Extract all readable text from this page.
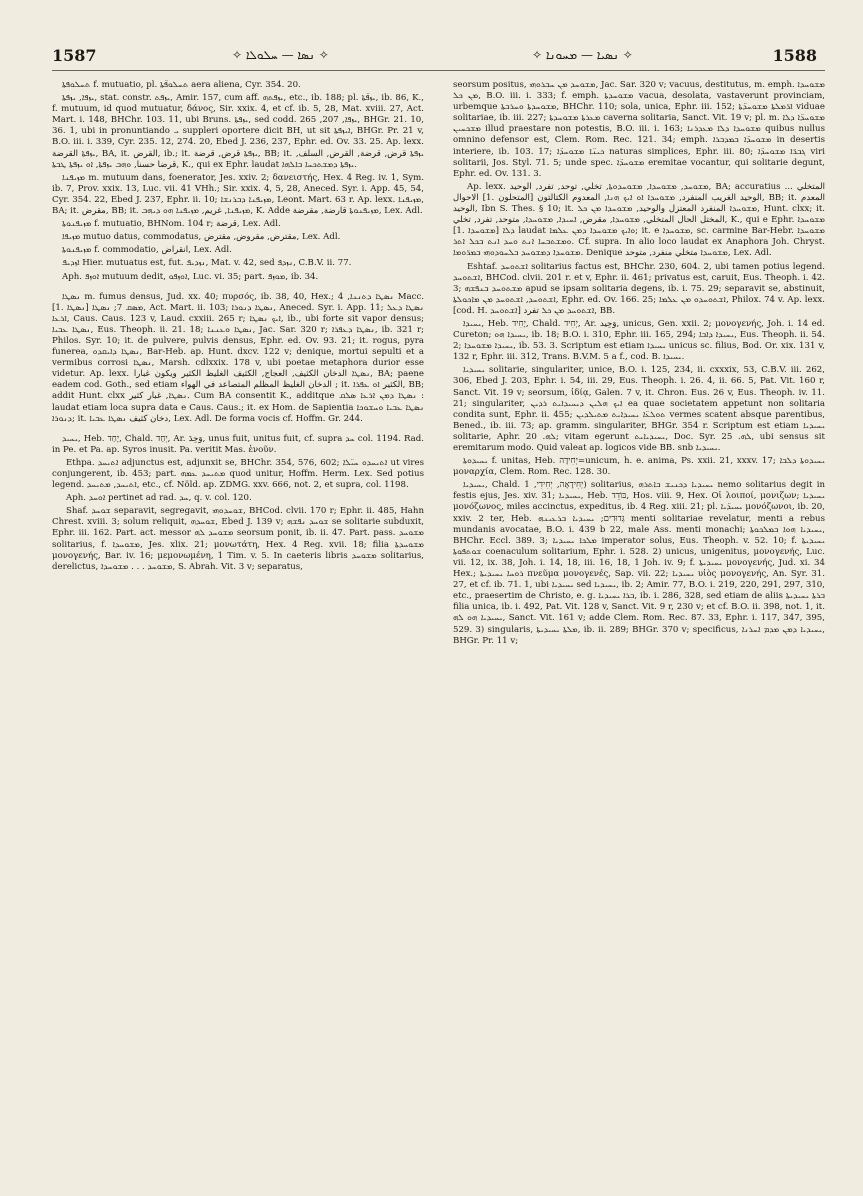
1587	✧ ܢܣܐ — ܚܠܘܠܐ ✧	✧ ܢܣܝܐ — ܡܚܘܢܐ ✧	1588

ܬܚܠܘܦܬܐ f. mutuatio, pl. ܬܚܠܘܦ̈ܬܐ aera aliena, Cyr. 354. 20.

ܝܙܦܐ, ܝܙܦܬܐ, stat. constr. ܝܙܦܬ, Amir. 157, cum aff. ܝܙܦܬܗ, etc., ib. 188; pl. ܝܙܦ̈ܬܐ, ib. 86, K., f. mutuum, id quod mutuatur, δάνος, Sir. xxix. 4, et cf. ib. 5, 28, Mat. xviii. 27, Act. Mart. i. 148, BHChr. 103. 11, ubi Bruns. ܝܙܦܬܐ, sed codd. ܝܙܦܐ, 207, 265, BHGr. 21. 10, 36. 1, ubi in pronuntiando ܝ suppleri oportere dicit BH, ut sit ܐܝܙܦܬܐ, BHGr. Pr. 21 v, B.O. iii. i. 339, Cyr. 235. 12, 274. 20, Ebed J. 236, 237, Ephr. ed. Ov. 33. 25. Ap. lexx. ܝܙܦܬܐ القرضة, BA, it. القرض, ib.; it. ܝܙܦܬܐ قرض, قرضة, BB; it. ܝܙܦܬܐ قرض, قرضة, القرض, السلف, قرضا حسنا, ܘܗܒ ܝܙܦܬܐ, ܐܘ ܝܙܦܬܐ ܛܒܬܐ, K., qui ex Ephr. laudat ܝܙܦܬܐ ܕܡܫܬܟܚܐ ܒܐܠܗܐ.

ܡܙܝܦܢܐ m. mutuum dans, foenerator, Jes. xxiv. 2; δανειστής, Hex. 4 Reg. iv. 1, Sym. ib. 7, Prov. xxix. 13, Luc. vii. 41 VHh.; Sir. xxix. 4, 5, 28, Aneced. Syr. i. App. 45, 54, Cyr. 354. 22, Ebed J. 237, Ephr. ii. 10; ܡܙܝܦܢܐ ܕܒܪܢܫܐ, Leont. Mart. 63 r. Ap. lexx. ܡܙܝܦܢܐ, BA; it. مقرض, BB; it. ܡܙܝܦܢܐ, غريم, ܡܙܝܦܢܐ ܗܘ ܕܝܗܒ, K. Adde ܡܙܝܦܢܘܬܐ قارضة, مقرضة, Lex. Adl.

ܡܙܝܦܢܘܬܐ f. mutuatio, BHNom. 104 r; قرضة, Lex. Adl.

ܡܙܝܦܐ mutuo datus, commodatus, مقترض, مقروض, مقترض, Lex. Adl.

ܡܙܝܦܢܘܬܐ f. commodatio, انقراض, Lex. Adl.

ܐܙܕܝܦ Hier. mutuatus est, fut. ܢܙܕܝܦ, Mat. v. 42, sed ܢܙܕܦ, C.B.V. ii. 77.

Aph. ܐܘܙܦ mutuum dedit, ܐܘܙܦܘ, Luc. vi. 35; part. ܡܘܙܦ, ib. 34.

ܢܣܛܐ m. fumus densus, Jud. xx. 40; πυρσός, ib. 38, 40, Hex.; ܢܣܛܐ ܕܬܢܢܐ, 4 Macc. ܡܣܩ 7; ܢܣܛܐ [ܢܣܛܐ .1], Act. Mart. ii. 103; ܢܣܛܐ ܕܢܘܪܐ, Aneced. Syr. i. App. 11; ܢܣܛܐ ܕܥܠ ܐܪܥܐ, Caus. Caus. 123 v, Laud. cxxiii. 265 r; ܐܝܟ ܢܣܛܐ, ib., ubi forte sit vapor densus; ܢܣܛܐ ܥܒܝܐ, Eus. Theoph. ii. 21. 18; ܢܣܛܐ ܘܥܢܢܐ, Jac. Sar. 320 r; ܢܣܛܐ ܕܥܦܪܐ, ib. 321 r; Philos. Syr. 10; it. de pulvere, pulvis densus, Ephr. ed. Ov. 93. 21; it. rogus, pyra funerea, ܢܣܛܐ ܕܐܝܩܕܘ, Bar-Heb. ap. Hunt. dxcv. 122 v; denique, mortui sepulti et a vermibus corrosi ܢܣܛܐ, Marsh. cdlxxix. 178 v, ubi poetae metaphora durior esse videtur. Ap. lexx. ܢܣܛܐ الدخان الكثيف, العجاج, الكثيف الغليظ الكثير ويكون غبارا, BA; paene eadem cod. Goth., sed etiam الدخان الغليظ المظلم المتصاعد في الهواء ; it. الكثير ܐܘ ܥܦܪܐ, BB; addit Hunt. clxx ܢܣܛܐ, غبار كثير. Cum BA consentit K., additque ܢܣܛܐ ܕܡܢ ܐܪܥܐ ܣܠܩ : laudat etiam loca supra data e Caus. Caus.; it. ex Hom. de Sapientia ܢܣܛܐ ܥܒܝܐ ܘܚܫܘܟܐ ܕܢܘܪܐ; it. دخان كثيف ܢܣܛܐ ܥܒܝܐ, Lex. Adl. De forma vocis cf. Hoffm. Gr. 244.

ܝܚܝܕ, Heb. יָחַד, Chald. יְחַד, Ar. وَحِدَ, unus fuit, unitus fuit, cf. supra ܚܕ col. 1194. Rad. in Pe. et Pa. ap. Syros inusit. Pa. veritit Mas. ἑνοῦν.

Ethpa. ܐܬܝܚܕ adjunctus est, adjunxit se, BHChr. 354, 576, 602; ܐܬܝܚܕܘ ܚܝ̈ܠܐ ut vires conjungerent, ib. 453; part. ܡܬܝܚܕ ܥܡܗ quod unitur, Hoffm. Herm. Lex. Sed potius legend. ܐܬܝܚܕ, ܡܬܝܚܕ, etc., cf. Nöld. ap. ZDMG. xxv. 666, not. 2, et supra, col. 1198.

Aph. ܐܘܚܕ pertinet ad rad. ܚܕ, q. v. col. 120.

Shaf. ܫܘܚܕ separavit, segregavit, ܫܘܚܕܘܗܝ, BHCod. clvii. 170 r; Ephr. ii. 485, Hahn Chrest. xviii. 3; solum reliquit, ܫܘܚܕܗ, Ebed J. 139 v; ܫܘܚܕ ܢܦܫܗ se solitarie subduxit, Ephr. iii. 162. Part. act. messor ܡܫܘܚܕ ܠܗ seorsum ponit, ib. ii. 47. Part. pass. ܡܫܘܚܕ solitarius, f. ܡܫܘܚܕܐ, Jes. xlix. 21; μονωτάτη, Hex. 4 Reg. xvii. 18; filia ܡܫܘܚܕܬܐ μονογενής, Bar. iv. 16; μεμονωμένη, 1 Tim. v. 5. In caeteris libris ܡܫܘܚܕ solitarius, derelictus, ܡܫܘܚܕ . . . ܡܫܘܚܕܐ, S. Abrah. Vit. 3 v; separatus,

seorsum positus, ܡܫܘܚܕ ܡܢ ܚܒܪܘܗܝ, Jac. Sar. 320 v; vacuus, destitutus, m. emph. ܡܫܘܚܕܐ ܡܢ ܟܠ, B.O. iii. i. 333; f. emph. ܡܫܘܚܕܬܐ vacua, desolata, vastaverunt provinciam, urbemque ܡܫܘܚܕܬܐ ܘܚܪܒܬܐ, BHChr. 110; sola, unica, Ephr. iii. 152; ܐܪ̈ܡܠܬܐ ܡܫܘܚܕ̈ܬܐ viduae solitariae, ib. iii. 227; ܡܥܪܬܐ ܡܫܘܚܕܬܐ caverna solitaria, Sanct. Vit. 19 v; pl. m. ܡܫܘܚܕ̈ܐ ܕܠܐ ܡܫܟܚܝܢ illud praestare non potestis, B.O. iii. i. 163; ܡܫܘܚܕܐ ܕܠܐ ܡܥܕܪܢܐ quibus nullus omnino defensor est, Clem. Rom. Rec. 121. 34; emph. ܡܫܘܚܕ̈ܐ ܒܡܕܒܪܐ in desertis interiere, ib. 103. 17; ܟܝܢ̈ܐ ܡܫܘܚܕ̈ܐ naturas simplices, Ephr. iii. 80; ܓܒܪ̈ܐ ܡܫܘܚܕ̈ܐ viri solitarii, Jos. Styl. 71. 5; unde spec. ܡܫܘܚܕ̈ܐ eremitae vocantur, qui solitarie degunt, Ephr. ed. Ov. 131. 3.

Ap. lexx. ܡܫܘܚܕ, ܡܫܘܚܕܐ, ܡܫܘܚܕܘܬܐ, تخلي, توحد, تفرد, الوحيد, BA; accuratius المتخلي ... الوحيد الغريب المنفرد, ܡܫܘܚܕܐ ܐܘ ܐܝܟ ܗܢܐ, المعدوم الكتالتون [المتحلون .1] الاحوال, BB; it. المعدم الوحيد, Ibn S. Thes. § 10; it. ܡܫܘܚܕܐ المنفرد المعتزل والوحيد, ܡܫܘܚܕܐ ܡܢ ܟܠ, Hunt. clxx; it. المختل الحال المتخلي, ܡܫܘܚܕܐ, مقرض, ܐܚܝܕܐ, ܡܫܘܚܕܐ, متوحد, تفرد, تخلي, K., qui e Ephr. ܡܫܘܚܕܐ ܕܠܐ [ܡܫܘܚܕܐ .1] laudat ܘܐܝܟ ܡܫܘܚܕܐ ܕܡܢ ܥܠܡܐ; it. e ܡܫܘܚܕܐ, sc. carmine Bar-Hebr. ܡܫܘܚܕܐ ܘܡܫܬܒܚܐ ܐܢܬ ܘܚܕ ܐܢܬ ܒܟܠ ܐܬܪ. Cf. supra. In alio loco laudat ex Anaphora Joh. Chryst. ܡܫܘܚܕܐ ܕܡܫܘܚܕ ܒܠܚܘܕܘܗܝ ܒܡܪ̈ܘܡܐ. Denique ܡܫܘܚܕܐ متخلي منفرد, متوحد, Lex. Adl.

Eshtaf. ܐܫܬܘܚܕ solitarius factus est, BHChr. 230, 604. 2, ubi tamen potius legend. ܐܫܬܘܚܕ, BHCod. clvii. 201 r. et v, Ephr. ii. 461; privatus est, caruit, Eus. Theoph. i. 42. 3; ܡܫܬܘܚܕ ܒܢܦܫܗ apud se ipsam solitaria degens, ib. i. 75. 29; separavit se, abstinuit, ܐܫܬܘܚܕ, ܐܫܬܘܚܕ ܡܢ ܡܐܟܘܠܬܐ, Ephr. ed. Ov. 166. 25; ܐܫܬܘܚܕܘ ܡܢ ܥܠܡܐ, Philox. 74 v. Ap. lexx. [cod. H. ܐܫܬܘܚܕ] ܐܫܬܘܚܕ ܡܢ ܟܠ تفرد, BB.

ܝܚܝܕܐ, Heb. יָחִיד, Chald. יְחִיד, Ar. وَحِيد, unicus, Gen. xxii. 2; μονογενής, Joh. i. 14 ed. Cureton; ܝܚܝܕܐ ܗܘ, ib. 18; B.O. i. 310, Ephr. iii. 165, 294; ܝܚܝܕܐ ܕܐܒܐ, Eus. Theoph. ii. 54. 2; ܝܚܝܕܐ ܡܫܘܚܕܐ, ib. 53. 3. Scriptum est etiam ܝܚܝܕܐ unicus sc. filius, Bod. Or. xix. 131 v, 132 r, Ephr. iii. 312, Trans. B.V.M. 5 a f., cod. B. ܝܚܝܕܐ.

ܝܚܝܕܝܐ solitarie, singulariter, unice, B.O. i. 125, 234, ii. cxxxix, 53, C.B.V. iii. 262, 306, Ebed J. 203, Ephr. i. 54, iii. 29, Eus. Theoph. i. 26. 4, ii. 66. 5, Pat. Vit. 160 r, Sanct. Vit. 19 v; seorsum, ἰδίᾳ, Galen. 7 v, it. Chron. Eus. 26 v, Eus. Theoph. iv. 11. 21; singulariter, ܐܝܟ ܗܠܝܢ ܕܝܚܝܕܐܝܬ ܪܕܝܢ ea quae societatem appetunt non solitaria condita sunt, Ephr. ii. 455; ܬܘܠܥ̈ܐ ܝܚܝܕܐܝܬ ܡܬܝܠܕܝܢ vermes scatent absque parentibus, Bened., ib. iii. 73; ap. gramm. singulariter, BHGr. 354 r. Scriptum est etiam ܝܚܝܕܝܐ solitarie, Aphr. ܠܗ. 20; vitam egerunt ܝܚܝܕܝܐܝܬ, Doc. Syr. ܠܗ. 25, ubi sensus sit eremitarum modo. Quid valeat ap. logicos vide BB. snb ܝܚܝܕܝܐ.

ܝܚܝܕܘܬܐ f. unitas, Heb. יְחִידָה=unicum, h. e. anima, Ps. xxii. 21, xxxv. 17; ܝܚܝܕܘܬܐ ܕܠܒܐ μοναρχία, Clem. Rom. Rec. 128. 30.

ܝܚܝܕܝܐ, Chald. יְחִידָאָה, יְחִידִי, 1) solitarius, ܝܚܝܕܝܐ ܕܟܢܝܫ ܒܐܬܪܗ nemo solitarius degit in festis ejus, Jes. xiv. 31; ܝܚܝܕܝܐ, Heb. בּוֹדֵד, Hos. viii. 9, Hex. Οἱ λοιποί, μονιζων; ܝܚܝܕܝܐ μονόζωνος, miles accinctus, expeditus, ib. 4 Reg. xiii. 21; pl. ܝܚܝܕ̈ܝܐ μονόζωνοι, ib. 20, xxiv. 2 ter, Heb. גְּדוּדִים; ܝܚܝܕܝܐ ܒܪܥܝܢܗ menti solitariae revelatur, menti a rebus mundanis avocatae, B.O. i. 439 b 22, male Ass. menti monachi; ܝܚܝܕܝܐ ܗܘܐ ܒܡܠܟܘܬܐ, BHChr. Eccl. 389. 3; ܡܠܟܐ ܝܚܝܕܝܐ imperator solus, Eus. Theoph. v. 52. 10; f. ܝܚܝܕܝܬܐ ܫܘܬܦܘܬܐ coenaculum solitarium, Ephr. i. 528. 2) unicus, unigenitus, μονογενής, Luc. vii. 12, ix. 38, Joh. i. 14, 18, iii. 16, 18, 1 Joh. iv. 9; f. ܝܚܝܕܝܬܐ μονογενής, Jud. xi. 34 Hex.; ܪܘܚܐ ܝܚܝܕܝܬܐ πνεῦμα μονογενές, Sap. vii. 22; ܝܚܝܕܝܐ υἱὸς μονογενής, An. Syr. 31. 27, et cf. ib. 71. 1, ubi ܝܚܝܕܝܐ sed ܝܚܝܕܝܐ, ib. 2; Amir. 77, B.O. i. 219, 220, 291, 297, 310, etc., praesertim de Christo, e. g. ܒܪܐ ܝܚܝܕܝܐ, ib. i. 286, 328, sed etiam de aliis ܒܪܬܐ ܝܚܝܕܝܬܐ filia unica, ib. i. 492, Pat. Vit. 128 v, Sanct. Vit. 9 r, 230 v; et cf. B.O. ii. 398, not. 1, it. ܝܚܝܕܝܐ ܗܘ ܠܗ, Sanct. Vit. 161 v; adde Clem. Rom. Rec. 87. 33, Ephr. i. 117, 347, 395, 529. 3) singularis, ܡܠܬܐ ܝܚܝܕܝܬܐ, ib. ii. 289; BHGr. 370 v; specificus, ܝܚܝܕܝܐ ܕܡܢ ܡܕܡ ܐܚܪܢܐ, BHGr. Pr. 11 v;
